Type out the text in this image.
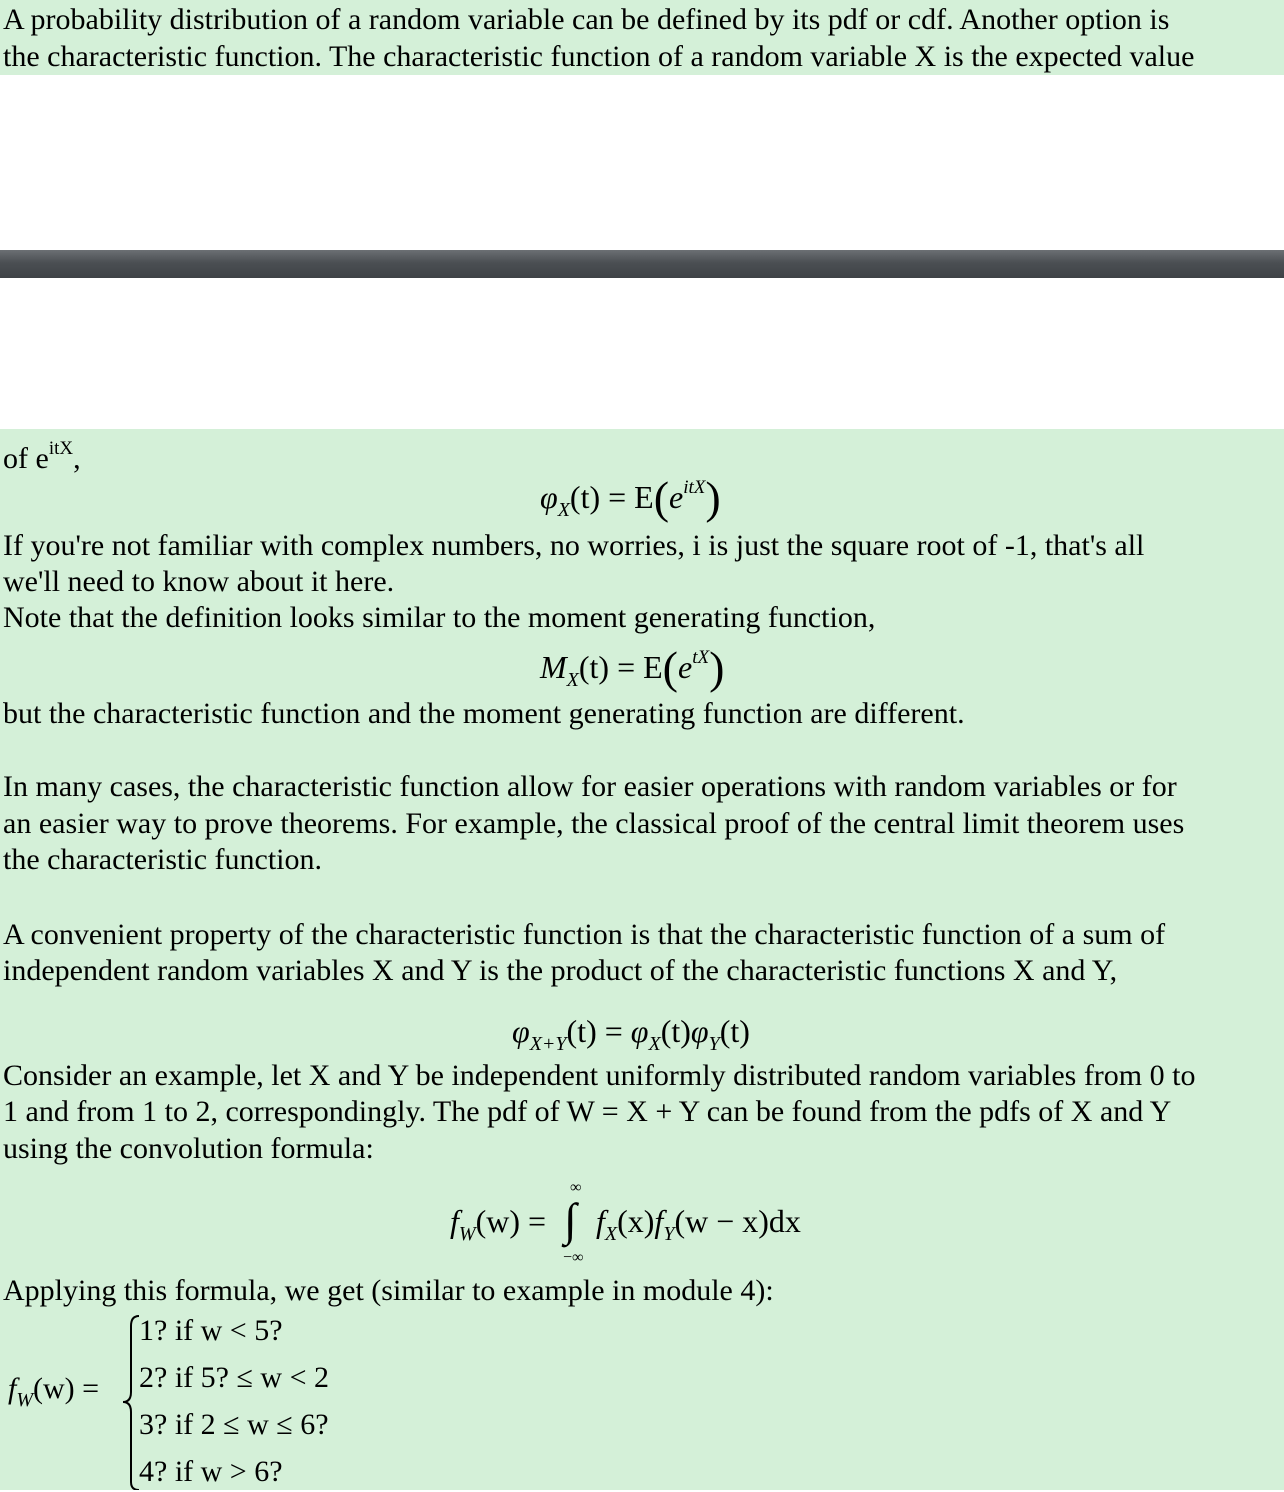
A probability distribution of a random variable can be defined by its pdf or cdf. Another option is

the characteristic function. The characteristic function of a random variable X is the expected value

of $e^{itX}$,
$\varphi_X(t) = E(e^{itX})$

If you're not familiar with complex numbers, no worries, i is just the square root of -1, that's all

we'll need to know about it here.

Note that the definition looks similar to the moment generating function,

$M_X(t) = E(e^{tX})$

but the characteristic function and the moment generating function are different.

In many cases, the characteristic function allow for easier operations with random variables or for

an easier way to prove theorems. For example, the classical proof of the central limit theorem uses

the characteristic function.

A convenient property of the characteristic function is that the characteristic function of a sum of

independent random variables X and Y is the product of the characteristic functions X and Y,

$\varphi_{X+Y}(t) = \varphi_X(t)\varphi_Y(t)$

Consider an example, let X and Y be independent uniformly distributed random variables from 0 to

1 and from 1 to 2, correspondingly. The pdf of W = X + Y can be found from the pdfs of X and Y

using the convolution formula:

$f_W(w)$ =
∞
∫
−∞
$f_X(x)f_Y(w - x)dx$

Applying this formula, we get (similar to example in module 4):

$f_W(w)$ =
1? if w < 5?
2? if 5? ≤ w < 2
3? if 2 ≤ w ≤ 6?
4? if w > 6?
